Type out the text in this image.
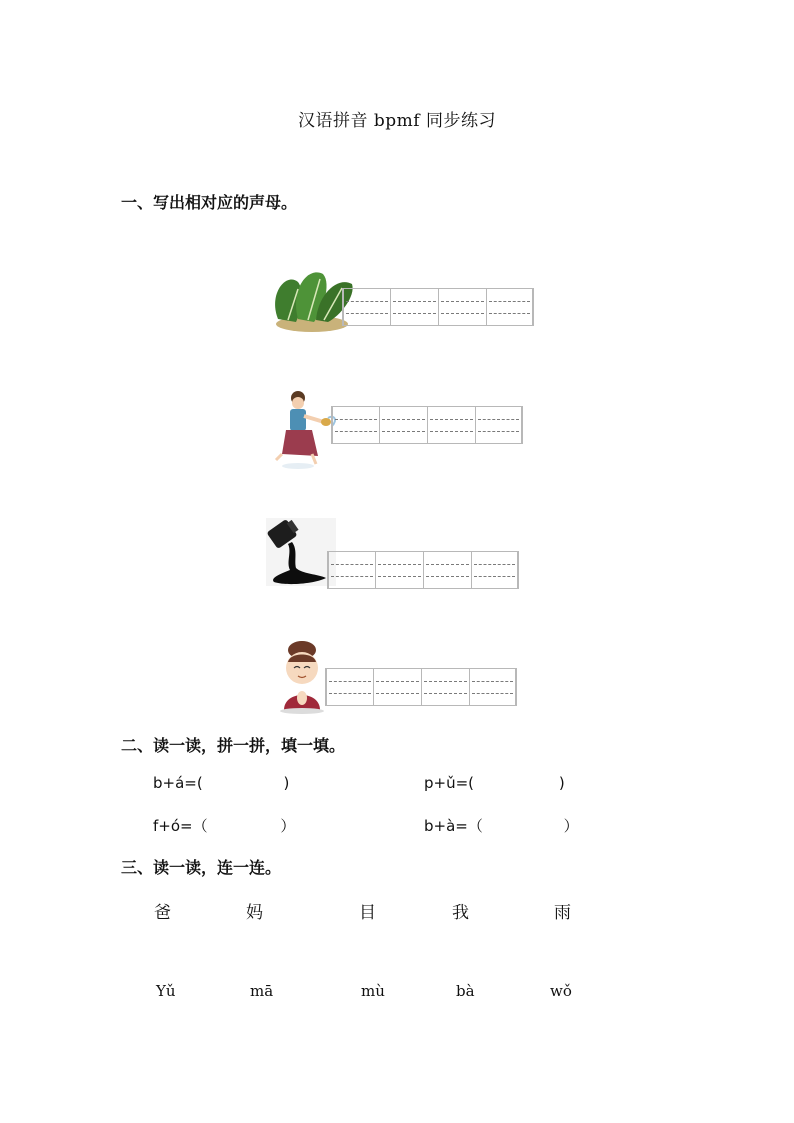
汉语拼音 bpmf 同步练习
一、写出相对应的声母。
二、读一读，拼一拼，填一填。
b+á=(	)	p+ǔ=(	)
f+ó=（	）	b+à=（	）
三、读一读，连一连。
爸	妈	目	我	雨
Yǔ	mā	mù	bà	wǒ
